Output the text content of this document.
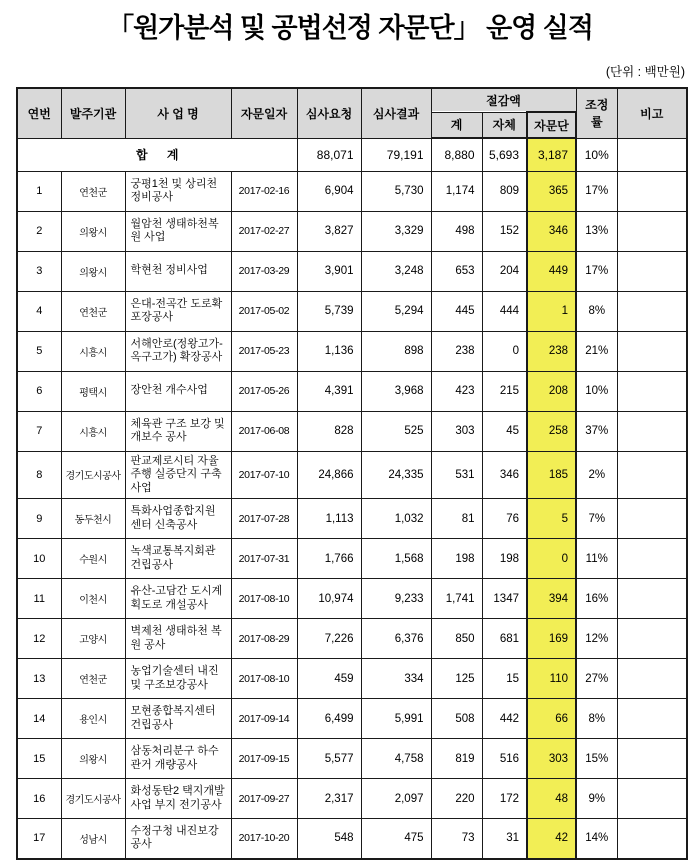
「원가분석 및 공법선정 자문단」 운영 실적
(단위 : 백만원)
연번	발주기관	사 업 명	자문일자	심사요청	심사결과	절감액			조정률	비고
						계	자체	자문단		
합 계				88,071	79,191	8,880	5,693	3,187	10%	
1	연천군	궁평1천 및 상리천 정비공사	2017-02-16	6,904	5,730	1,174	809	365	17%	
2	의왕시	월암천 생태하천복원 사업	2017-02-27	3,827	3,329	498	152	346	13%	
3	의왕시	학현천 정비사업	2017-03-29	3,901	3,248	653	204	449	17%	
4	연천군	은대-전곡간 도로확 포장공사	2017-05-02	5,739	5,294	445	444	1	8%	
5	시흥시	서해안로(정왕고가-옥구고가) 확장공사	2017-05-23	1,136	898	238	0	238	21%	
6	평택시	장안천 개수사업	2017-05-26	4,391	3,968	423	215	208	10%	
7	시흥시	체육관 구조 보강 및 개보수 공사	2017-06-08	828	525	303	45	258	37%	
8	경기도시공사	판교제로시티 자율주행 실증단지 구축 사업	2017-07-10	24,866	24,335	531	346	185	2%	
9	동두천시	특화사업종합지원 센터 신축공사	2017-07-28	1,113	1,032	81	76	5	7%	
10	수원시	녹색교통복지회관 건립공사	2017-07-31	1,766	1,568	198	198	0	11%	
11	이천시	유산-고담간 도시계획도로 개설공사	2017-08-10	10,974	9,233	1,741	1347	394	16%	
12	고양시	벽제천 생태하천 복원 공사	2017-08-29	7,226	6,376	850	681	169	12%	
13	연천군	농업기술센터 내진 및 구조보강공사	2017-08-10	459	334	125	15	110	27%	
14	용인시	모현종합복지센터 건립공사	2017-09-14	6,499	5,991	508	442	66	8%	
15	의왕시	삼동처리분구 하수관거 개량공사	2017-09-15	5,577	4,758	819	516	303	15%	
16	경기도시공사	화성동탄2 택지개발사업 부지 전기공사	2017-09-27	2,317	2,097	220	172	48	9%	
17	성남시	수정구청 내진보강 공사	2017-10-20	548	475	73	31	42	14%	
